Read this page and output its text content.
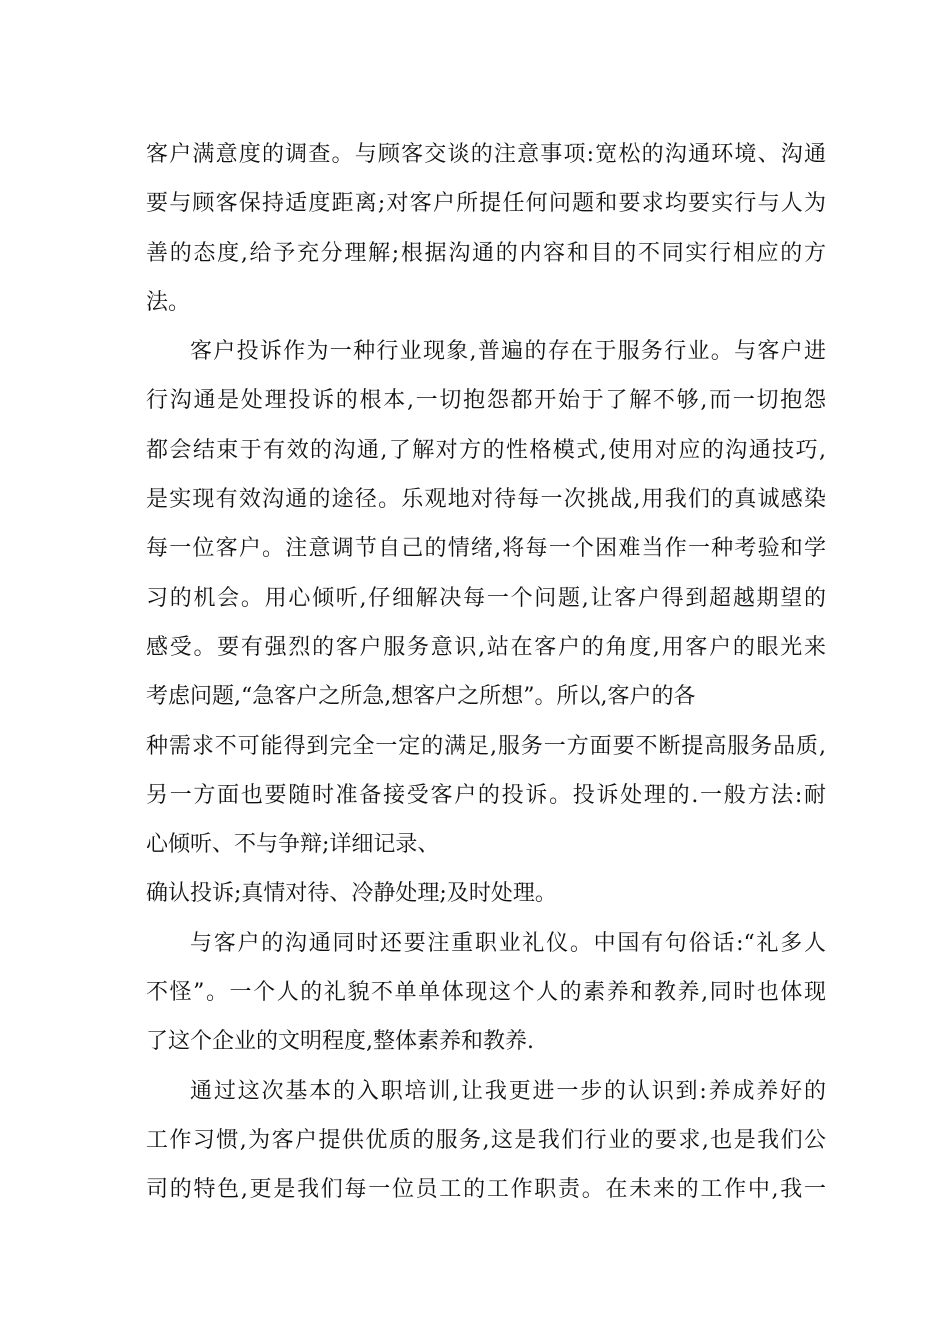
客户满意度的调查。与顾客交谈的注意事项:宽松的沟通环境、沟通
要与顾客保持适度距离;对客户所提任何问题和要求均要实行与人为
善的态度,给予充分理解;根据沟通的内容和目的不同实行相应的方
法。
客户投诉作为一种行业现象,普遍的存在于服务行业。与客户进
行沟通是处理投诉的根本,一切抱怨都开始于了解不够,而一切抱怨
都会结束于有效的沟通,了解对方的性格模式,使用对应的沟通技巧,
是实现有效沟通的途径。乐观地对待每一次挑战,用我们的真诚感染
每一位客户。注意调节自己的情绪,将每一个困难当作一种考验和学
习的机会。用心倾听,仔细解决每一个问题,让客户得到超越期望的
感受。要有强烈的客户服务意识,站在客户的角度,用客户的眼光来
考虑问题,“急客户之所急,想客户之所想”。所以,客户的各
种需求不可能得到完全一定的满足,服务一方面要不断提高服务品质,
另一方面也要随时准备接受客户的投诉。投诉处理的.一般方法:耐
心倾听、不与争辩;详细记录、
确认投诉;真情对待、冷静处理;及时处理。
与客户的沟通同时还要注重职业礼仪。中国有句俗话:“礼多人
不怪”。一个人的礼貌不单单体现这个人的素养和教养,同时也体现
了这个企业的文明程度,整体素养和教养.
通过这次基本的入职培训,让我更进一步的认识到:养成养好的
工作习惯,为客户提供优质的服务,这是我们行业的要求,也是我们公
司的特色,更是我们每一位员工的工作职责。在未来的工作中,我一
